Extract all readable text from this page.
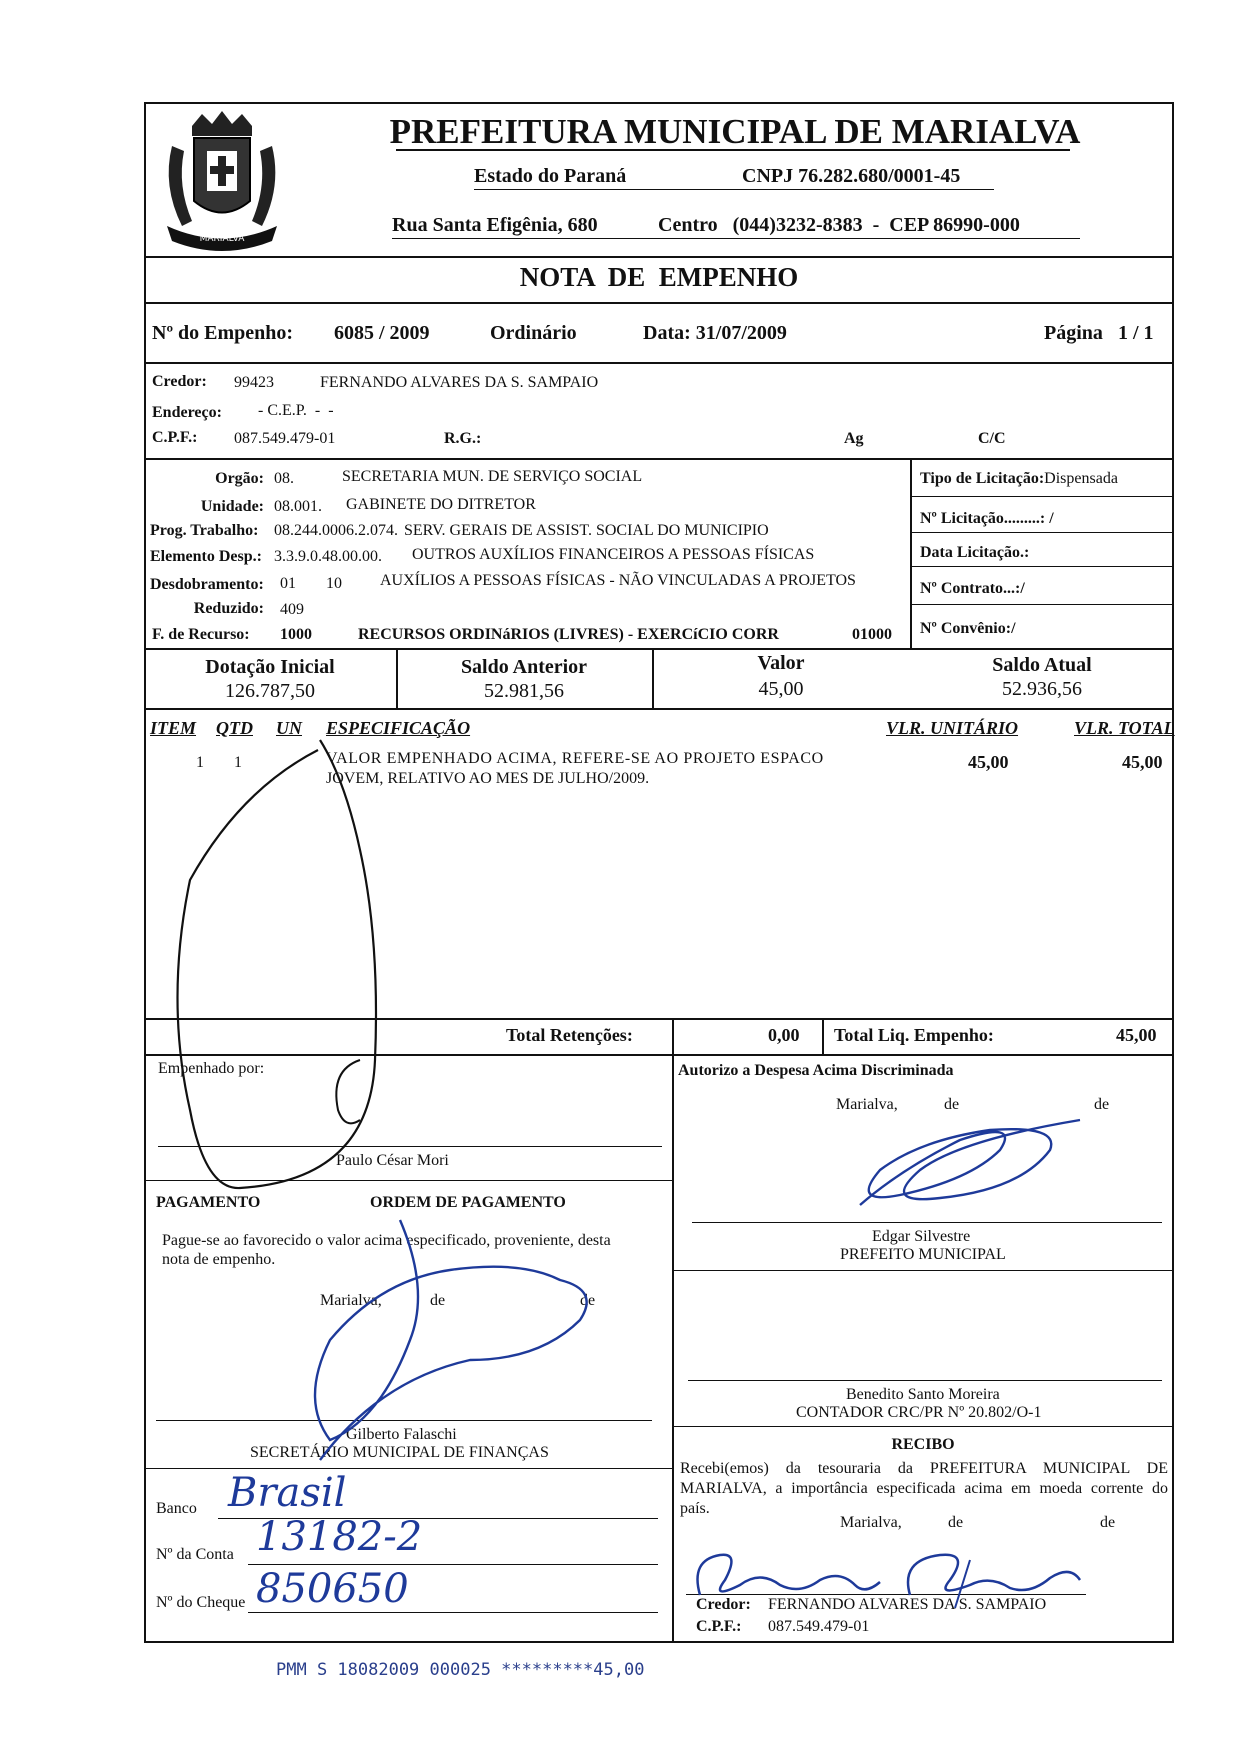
MARIALVA
PREFEITURA MUNICIPAL DE MARIALVA
Estado do Paraná	CNPJ 76.282.680/0001-45
Rua Santa Efigênia, 680	Centro   (044)3232-8383  -  CEP 86990-000
NOTA  DE  EMPENHO
Nº do Empenho: 6085 / 2009	Ordinário	Data: 31/07/2009	Página 1 / 1
Credor: 99423	FERNANDO ALVARES DA S. SAMPAIO
Endereço: - C.E.P.  -  -
C.P.F.: 087.549.479-01	R.G.:	Ag	C/C
Orgão: 08.	SECRETARIA MUN. DE SERVIÇO SOCIAL
Unidade: 08.001. GABINETE DO DITRETOR
Prog. Trabalho: 08.244.0006.2.074. SERV. GERAIS DE ASSIST. SOCIAL DO MUNICIPIO
Elemento Desp.: 3.3.9.0.48.00.00. OUTROS AUXÍLIOS FINANCEIROS A PESSOAS FÍSICAS
Desdobramento: 01 10 AUXÍLIOS A PESSOAS FÍSICAS - NÃO VINCULADAS A PROJETOS
Reduzido: 409
F. de Recurso: 1000	RECURSOS ORDINáRIOS (LIVRES) - EXERCíCIO CORR	01000
Tipo de Licitação:Dispensada
Nº Licitação.........: /
Data Licitação.:
Nº Contrato...:/
Nº Convênio:/
Dotação Inicial
126.787,50
Saldo Anterior
52.981,56
Valor
45,00
Saldo Atual
52.936,56
ITEM QTD UN ESPECIFICAÇÃO	VLR. UNITÁRIO	VLR. TOTAL
1 1	VALOR EMPENHADO ACIMA, REFERE-SE AO PROJETO ESPACO
JOVEM, RELATIVO AO MES DE JULHO/2009.
45,00	45,00
Total Retenções:	0,00 Total Liq. Empenho:	45,00
Empenhado por:
Paulo César Mori
Autorizo a Despesa Acima Discriminada
Marialva,	de	de
Edgar Silvestre
PREFEITO MUNICIPAL
PAGAMENTO	ORDEM DE PAGAMENTO
Pague-se ao favorecido o valor acima especificado, proveniente, desta
nota de empenho.
Marialva,	de	de
Gilberto Falaschi
SECRETÁRIO MUNICIPAL DE FINANÇAS
Banco Brasil
Nº da Conta 13182-2
Nº do Cheque 850650
Benedito Santo Moreira
CONTADOR CRC/PR Nº 20.802/O-1
RECIBO
Recebi(emos) da tesouraria da PREFEITURA MUNICIPAL DE
MARIALVA, a importância especificada acima em moeda corrente do
país.
Marialva,	de	de
Credor: FERNANDO ALVARES DA S. SAMPAIO
C.P.F.: 087.549.479-01
PMM S 18082009 000025 *********45,00
